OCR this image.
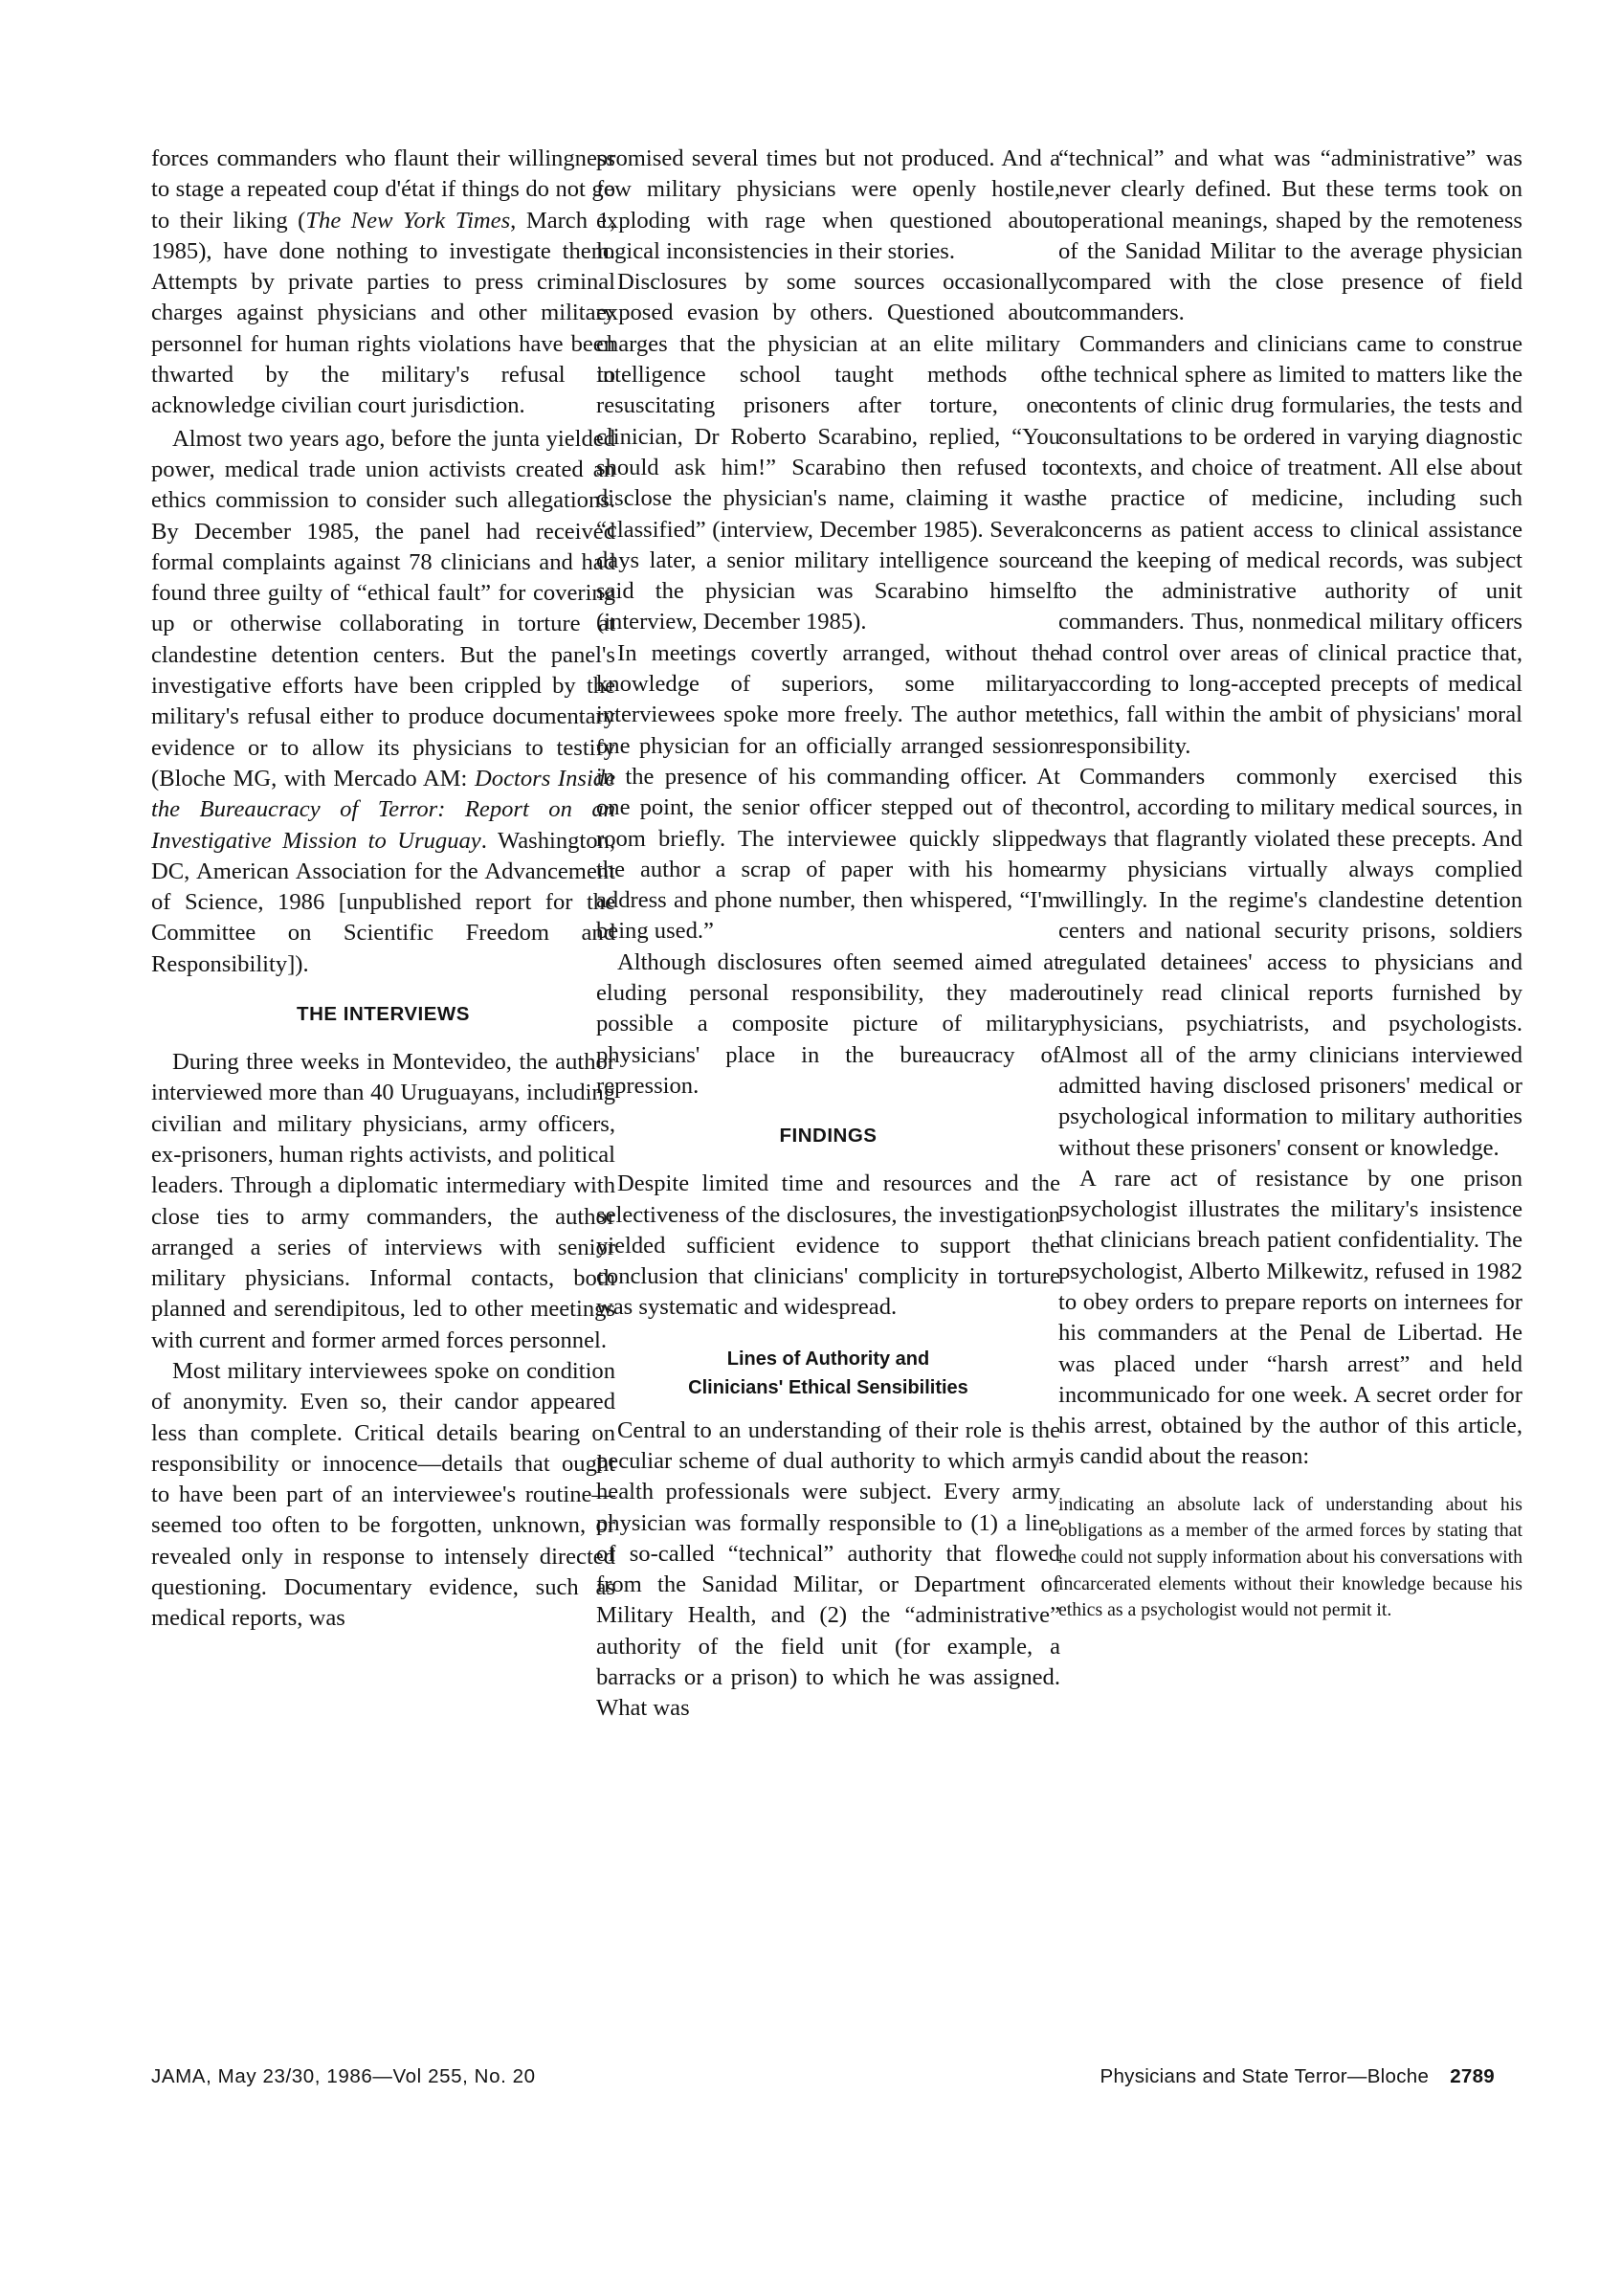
forces commanders who flaunt their willingness to stage a repeated coup d'état if things do not go to their liking (The New York Times, March 1, 1985), have done nothing to investigate them. Attempts by private parties to press criminal charges against physicians and other military personnel for human rights violations have been thwarted by the military's refusal to acknowledge civilian court jurisdiction.

Almost two years ago, before the junta yielded power, medical trade union activists created an ethics commission to consider such allegations. By December 1985, the panel had received formal complaints against 78 clinicians and had found three guilty of “ethical fault” for covering up or otherwise collaborating in torture at clandestine detention centers. But the panel's investigative efforts have been crippled by the military's refusal either to produce documentary evidence or to allow its physicians to testify (Bloche MG, with Mercado AM: Doctors Inside the Bureaucracy of Terror: Report on an Investigative Mission to Uruguay. Washington, DC, American Association for the Advancement of Science, 1986 [unpublished report for the Committee on Scientific Freedom and Responsibility]).

THE INTERVIEWS

During three weeks in Montevideo, the author interviewed more than 40 Uruguayans, including civilian and military physicians, army officers, ex-prisoners, human rights activists, and political leaders. Through a diplomatic intermediary with close ties to army commanders, the author arranged a series of interviews with senior military physicians. Informal contacts, both planned and serendipitous, led to other meetings with current and former armed forces personnel.

Most military interviewees spoke on condition of anonymity. Even so, their candor appeared less than complete. Critical details bearing on responsibility or innocence—details that ought to have been part of an interviewee's routine—seemed too often to be forgotten, unknown, or revealed only in response to intensely directed questioning. Documentary evidence, such as medical reports, was

promised several times but not produced. And a few military physicians were openly hostile, exploding with rage when questioned about logical inconsistencies in their stories.

Disclosures by some sources occasionally exposed evasion by others. Questioned about charges that the physician at an elite military intelligence school taught methods of resuscitating prisoners after torture, one clinician, Dr Roberto Scarabino, replied, “You should ask him!” Scarabino then refused to disclose the physician's name, claiming it was “classified” (interview, December 1985). Several days later, a senior military intelligence source said the physician was Scarabino himself (interview, December 1985).

In meetings covertly arranged, without the knowledge of superiors, some military interviewees spoke more freely. The author met one physician for an officially arranged session in the presence of his commanding officer. At one point, the senior officer stepped out of the room briefly. The interviewee quickly slipped the author a scrap of paper with his home address and phone number, then whispered, “I'm being used.”

Although disclosures often seemed aimed at eluding personal responsibility, they made possible a composite picture of military physicians' place in the bureaucracy of repression.

FINDINGS

Despite limited time and resources and the selectiveness of the disclosures, the investigation yielded sufficient evidence to support the conclusion that clinicians' complicity in torture was systematic and widespread.

Lines of Authority and
Clinicians' Ethical Sensibilities

Central to an understanding of their role is the peculiar scheme of dual authority to which army health professionals were subject. Every army physician was formally responsible to (1) a line of so-called “technical” authority that flowed from the Sanidad Militar, or Department of Military Health, and (2) the “administrative” authority of the field unit (for example, a barracks or a prison) to which he was assigned. What was

“technical” and what was “administrative” was never clearly defined. But these terms took on operational meanings, shaped by the remoteness of the Sanidad Militar to the average physician compared with the close presence of field commanders.

Commanders and clinicians came to construe the technical sphere as limited to matters like the contents of clinic drug formularies, the tests and consultations to be ordered in varying diagnostic contexts, and choice of treatment. All else about the practice of medicine, including such concerns as patient access to clinical assistance and the keeping of medical records, was subject to the administrative authority of unit commanders. Thus, nonmedical military officers had control over areas of clinical practice that, according to long-accepted precepts of medical ethics, fall within the ambit of physicians' moral responsibility.

Commanders commonly exercised this control, according to military medical sources, in ways that flagrantly violated these precepts. And army physicians virtually always complied willingly. In the regime's clandestine detention centers and national security prisons, soldiers regulated detainees' access to physicians and routinely read clinical reports furnished by physicians, psychiatrists, and psychologists. Almost all of the army clinicians interviewed admitted having disclosed prisoners' medical or psychological information to military authorities without these prisoners' consent or knowledge.

A rare act of resistance by one prison psychologist illustrates the military's insistence that clinicians breach patient confidentiality. The psychologist, Alberto Milkewitz, refused in 1982 to obey orders to prepare reports on internees for his commanders at the Penal de Libertad. He was placed under “harsh arrest” and held incommunicado for one week. A secret order for his arrest, obtained by the author of this article, is candid about the reason:

indicating an absolute lack of understanding about his obligations as a member of the armed forces by stating that he could not supply information about his conversations with incarcerated elements without their knowledge because his ethics as a psychologist would not permit it.

JAMA, May 23/30, 1986—Vol 255, No. 20	Physicians and State Terror—Bloche 2789
